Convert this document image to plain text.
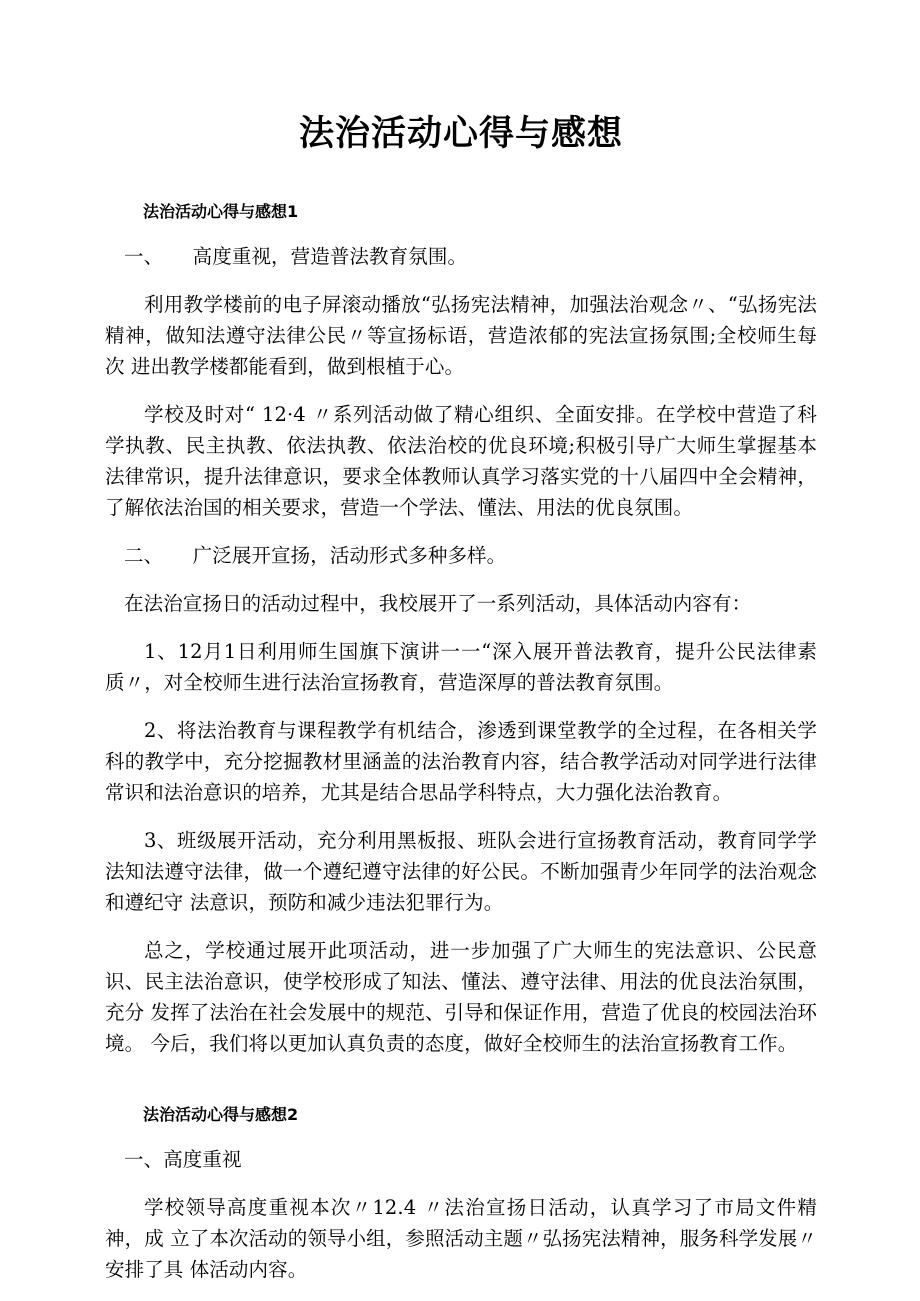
法治活动心得与感想
法治活动心得与感想1

一、　　高度重视，营造普法教育氛围。

利用教学楼前的电子屏滚动播放“弘扬宪法精神，加强法治观念〃、“弘扬宪法精神，做知法遵守法律公民〃等宣扬标语，营造浓郁的宪法宣扬氛围;全校师生每次 进出教学楼都能看到，做到根植于心。

学校及时对“ 12·4 〃系列活动做了精心组织、全面安排。在学校中营造了科学执教、民主执教、依法执教、依法治校的优良环境;积极引导广大师生掌握基本法律常识，提升法律意识，要求全体教师认真学习落实党的十八届四中全会精神，了解依法治国的相关要求，营造一个学法、懂法、用法的优良氛围。

二、　　广泛展开宣扬，活动形式多种多样。

在法治宣扬日的活动过程中，我校展开了一系列活动，具体活动内容有：

1、12月1日利用师生国旗下演讲一一“深入展开普法教育，提升公民法律素 质〃，对全校师生进行法治宣扬教育，营造深厚的普法教育氛围。

2、将法治教育与课程教学有机结合，渗透到课堂教学的全过程，在各相关学科的教学中，充分挖掘教材里涵盖的法治教育内容，结合教学活动对同学进行法律常识和法治意识的培养，尤其是结合思品学科特点，大力强化法治教育。

3、班级展开活动，充分利用黑板报、班队会进行宣扬教育活动，教育同学学法知法遵守法律，做一个遵纪遵守法律的好公民。不断加强青少年同学的法治观念和遵纪守 法意识，预防和减少违法犯罪行为。

总之，学校通过展开此项活动，进一步加强了广大师生的宪法意识、公民意 识、民主法治意识，使学校形成了知法、懂法、遵守法律、用法的优良法治氛围，充分 发挥了法治在社会发展中的规范、引导和保证作用，营造了优良的校园法治环境。 今后，我们将以更加认真负责的态度，做好全校师生的法治宣扬教育工作。

法治活动心得与感想2

一、高度重视

学校领导高度重视本次〃12.4 〃法治宣扬日活动，认真学习了市局文件精神，成 立了本次活动的领导小组，参照活动主题〃弘扬宪法精神，服务科学发展〃安排了具 体活动内容。
